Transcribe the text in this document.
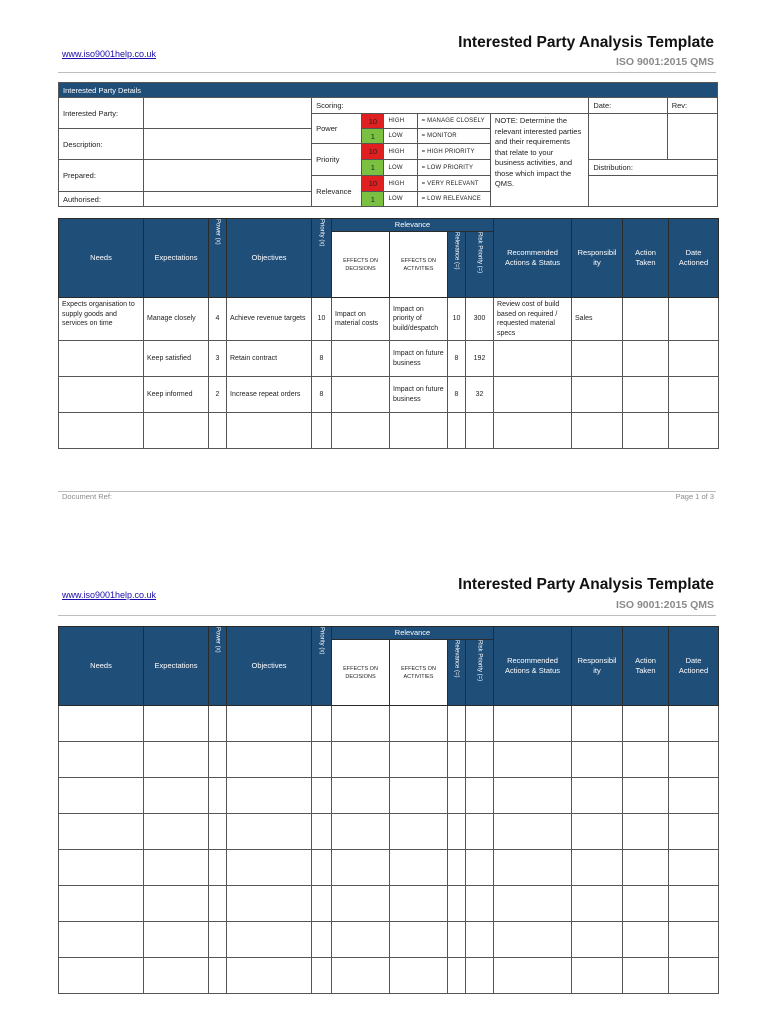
www.iso9001help.co.uk
Interested Party Analysis Template
ISO 9001:2015 QMS
Interested Party Details								
Interested Party:		Scoring:					Date:	Rev:
		Power	10	HIGH	= MANAGE CLOSELY	NOTE: Determine the relevant interested parties and their requirements that relate to your business activities, and those which impact the QMS.		
Description:			1	LOW	= MONITOR			
		Priority	10	HIGH	= HIGH PRIORITY			
Prepared:			1	LOW	= LOW PRIORITY		Distribution:	
		Relevance	10	HIGH	= VERY RELEVANT			
Authorised:			1	LOW	= LOW RELEVANCE			
Needs	Expectations	Power (x)	Objectives	Priority (x)	Relevance				Recommended Actions & Status	Responsibil ity	Action Taken	Date Actioned
					EFFECTS ON DECISIONS	EFFECTS ON ACTIVITIES	Relevance (=)	Risk Priority (=)				
Expects organisation to supply goods and services on time	Manage closely	4	Achieve revenue targets	10	Impact on material costs	Impact on priority of build/despatch	10	300	Review cost of build based on required / requested material specs	Sales		
	Keep satisfied	3	Retain contract	8		Impact on future business	8	192				
	Keep informed	2	Increase repeat orders	8		Impact on future business	8	32				

Document Ref:	Page 1 of 3
www.iso9001help.co.uk
Interested Party Analysis Template
ISO 9001:2015 QMS
Needs	Expectations	Power (x)	Objectives	Priority (x)	Relevance				Recommended Actions & Status	Responsibil ity	Action Taken	Date Actioned
					EFFECTS ON DECISIONS	EFFECTS ON ACTIVITIES	Relevance (=)	Risk Priority (=)				
